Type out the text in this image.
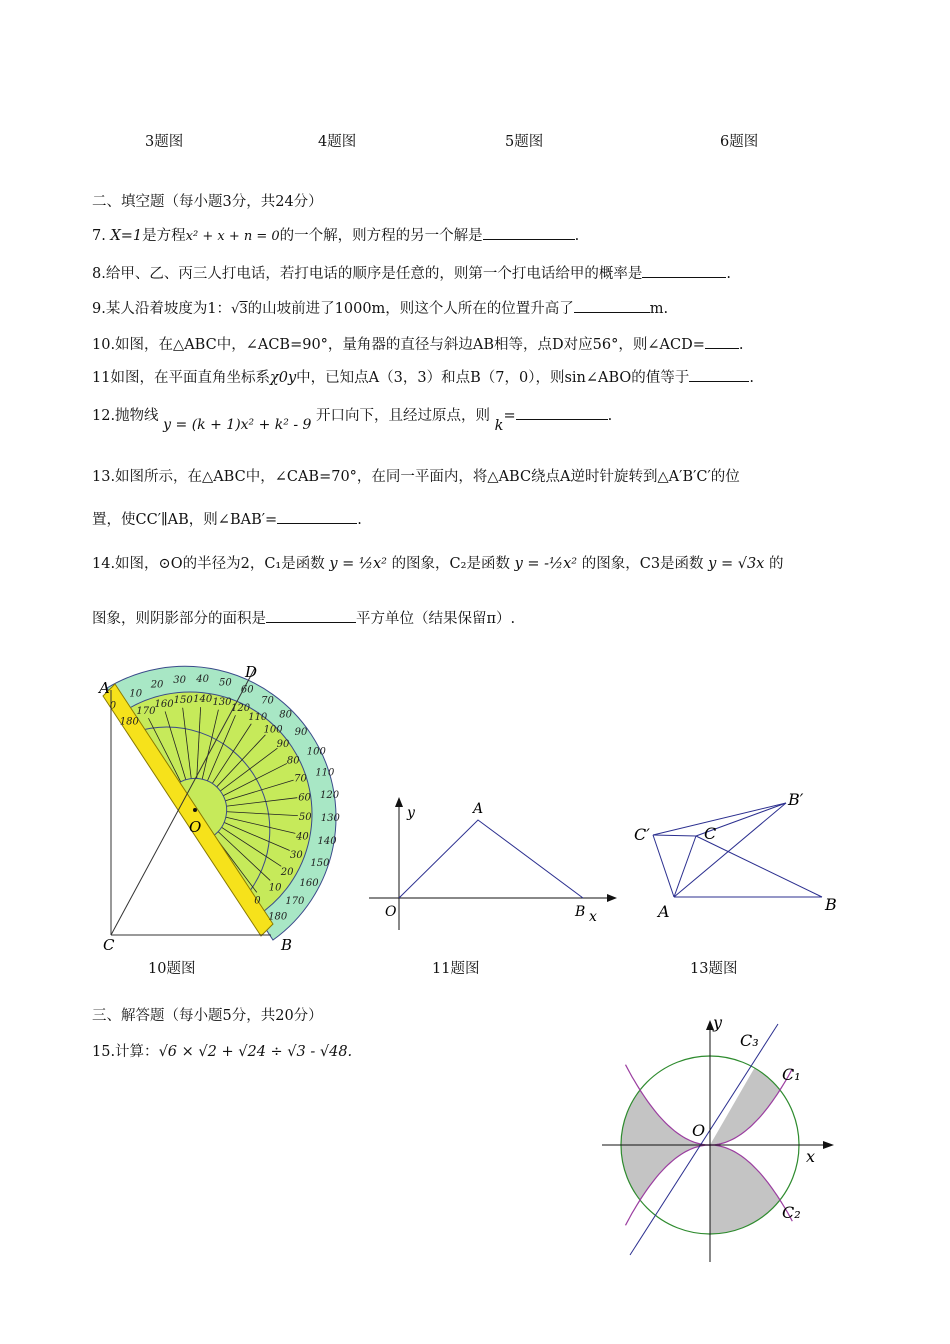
3题图	4题图	5题图	6题图
二、填空题（每小题3分，共24分）
7. X=1是方程x² + x + n = 0的一个解，则方程的另一个解是	.
8.给甲、乙、丙三人打电话，若打电话的顺序是任意的，则第一个打电话给甲的概率是	.
9.某人沿着坡度为1：√3的山坡前进了1000m，则这个人所在的位置升高了	m.
10.如图，在△ABC中，∠ACB=90°，量角器的直径与斜边AB相等，点D对应56°，则∠ACD= .
11如图，在平面直角坐标系χ0y中，已知点A（3，3）和点B（7，0），则sin∠ABO的值等于	.
12.抛物线 y = (k + 1)x² + k² - 9 开口向下，且经过原点，则 k=	.
13.如图所示，在△ABC中，∠CAB=70°，在同一平面内，将△ABC绕点A逆时针旋转到△A′B′C′的位
置，使CC′∥AB，则∠BAB′=	.
14.如图，⊙O的半径为2，C₁是函数 y = ½x² 的图象，C₂是函数 y = -½x² 的图象，C3是函数 y = √3x 的
图象，则阴影部分的面积是	平方单位（结果保留π）.
0
10
20 30 40 50
60
70
80
90
100
110
120
130
140
150
160
170
180
180
170
160 150 140 130
120
110
100
90
80
70
60
50
40
30
20
10
0
A
D
O
C	B
y
O
A
B x
B′
C′	C
A	B
10题图	11题图	13题图
三、解答题（每小题5分，共20分）
15.计算：√6 × √2 + √24 ÷ √3 - √48.
y
x
O
C₃
C₁
C₂
